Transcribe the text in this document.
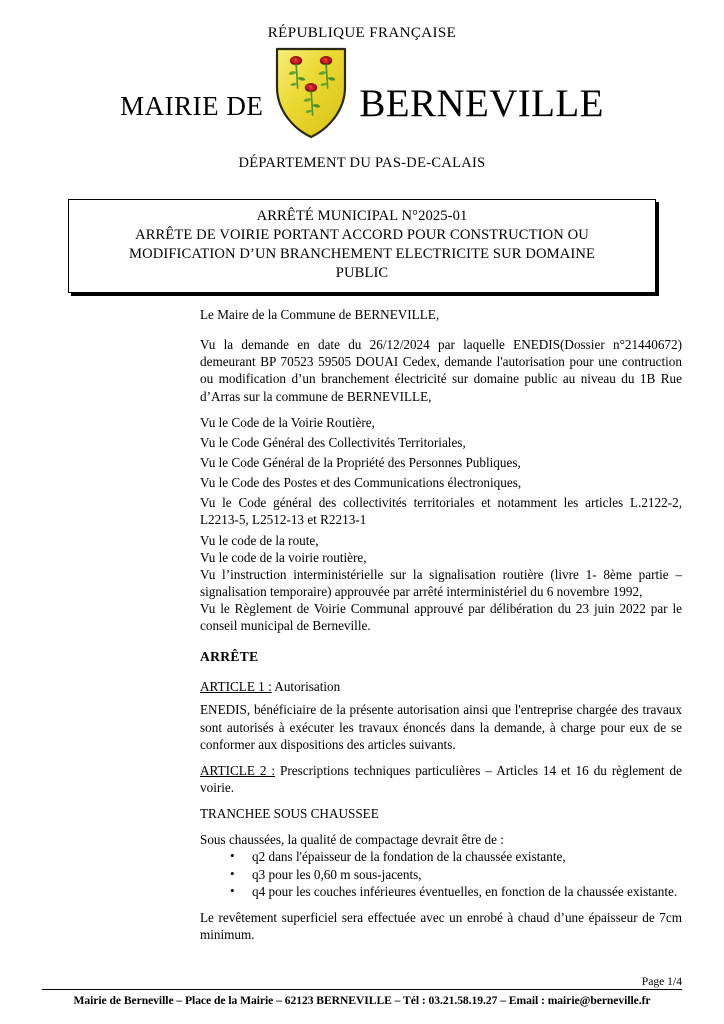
RÉPUBLIQUE FRANÇAISE
MAIRIE DE BERNEVILLE
DÉPARTEMENT DU PAS-DE-CALAIS
ARRÊTÉ MUNICIPAL N°2025-01
ARRÊTE DE VOIRIE PORTANT ACCORD POUR CONSTRUCTION OU
MODIFICATION D’UN BRANCHEMENT ELECTRICITE SUR DOMAINE
PUBLIC

Le Maire de la Commune de BERNEVILLE,

Vu la demande en date du 26/12/2024 par laquelle ENEDIS(Dossier n°21440672) demeurant BP 70523 59505 DOUAI Cedex, demande l'autorisation pour une contruction ou modification d’un branchement électricité sur domaine public au niveau du 1B Rue d’Arras sur la commune de BERNEVILLE,

Vu le Code de la Voirie Routière,

Vu le Code Général des Collectivités Territoriales,

Vu le Code Général de la Propriété des Personnes Publiques,

Vu le Code des Postes et des Communications électroniques,

Vu le Code général des collectivités territoriales et notamment les articles L.2122-2, L2213-5, L2512-13 et R2213-1

Vu le code de la route,

Vu le code de la voirie routière,

Vu l’instruction interministérielle sur la signalisation routière (livre 1- 8ème partie – signalisation temporaire) approuvée par arrêté interministériel du 6 novembre 1992,

Vu le Règlement de Voirie Communal approuvé par délibération du 23 juin 2022 par le conseil municipal de Berneville.

ARRÊTE

ARTICLE 1 : Autorisation

ENEDIS, bénéficiaire de la présente autorisation ainsi que l'entreprise chargée des travaux sont autorisés à exécuter les travaux énoncés dans la demande, à charge pour eux de se conformer aux dispositions des articles suivants.

ARTICLE 2 : Prescriptions techniques particulières – Articles 14 et 16 du règlement de voirie.

TRANCHEE SOUS CHAUSSEE

Sous chaussées, la qualité de compactage devrait être de :

• q2 dans l'épaisseur de la fondation de la chaussée existante,
• q3 pour les 0,60 m sous-jacents,
• q4 pour les couches inférieures éventuelles, en fonction de la chaussée existante.

Le revêtement superficiel sera effectuée avec un enrobé à chaud d’une épaisseur de 7cm minimum.

Page 1/4
Mairie de Berneville – Place de la Mairie – 62123 BERNEVILLE – Tél : 03.21.58.19.27 – Email : mairie@berneville.fr
